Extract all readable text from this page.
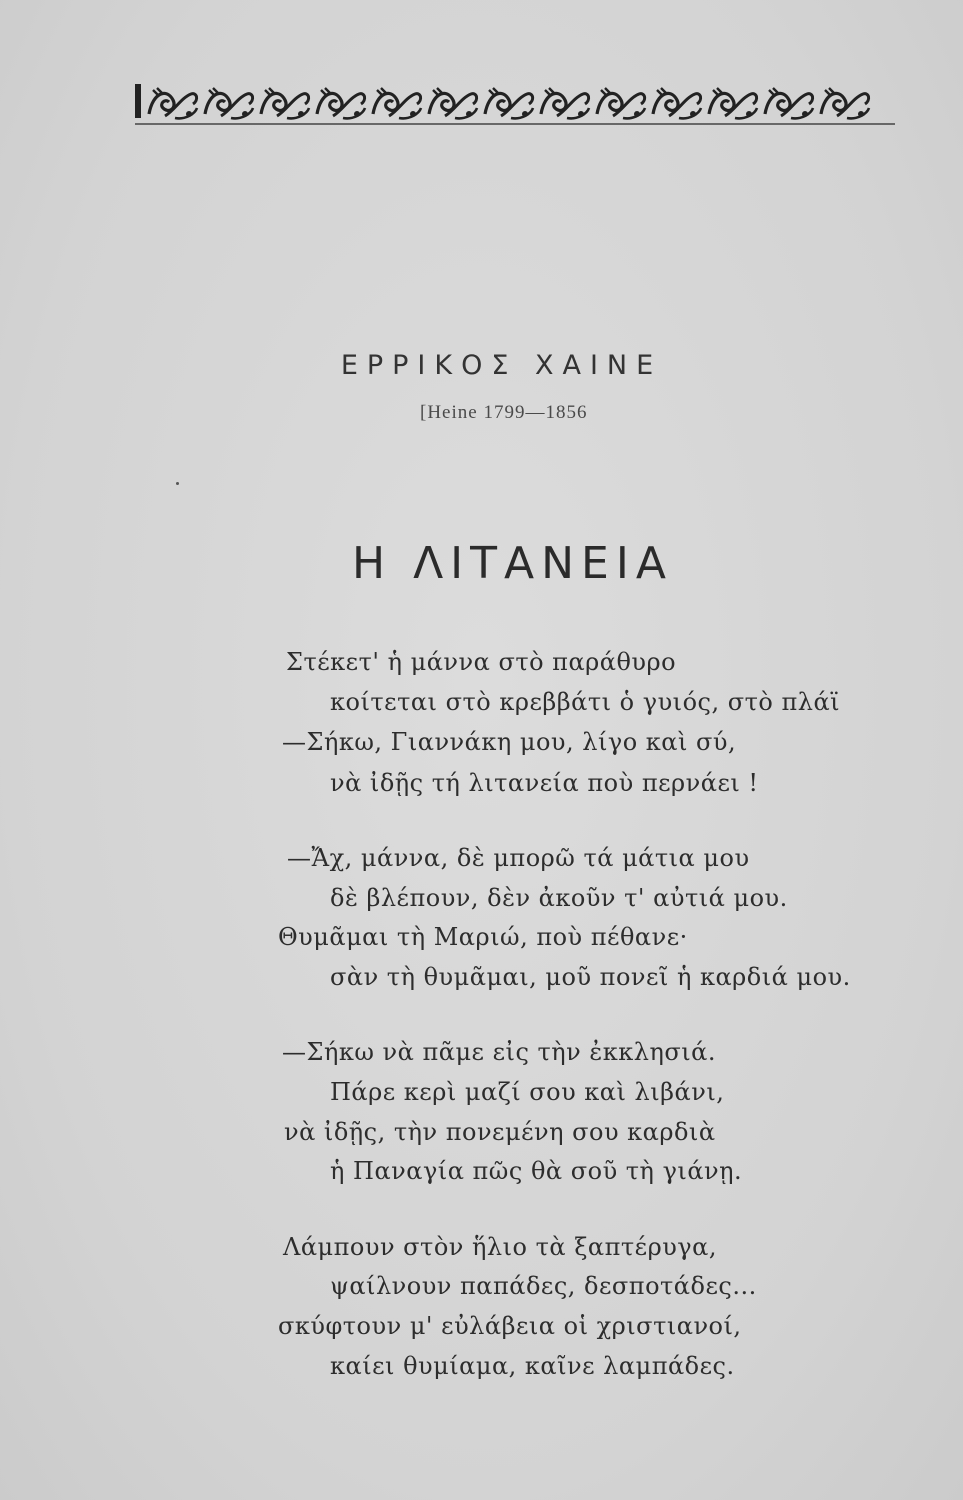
ΕΡΡΙΚΟΣ ΧΑΙΝΕ
[Heine 1799—1856
Η ΛΙΤΑΝΕΙΑ
Στέκετ' ἡ μάννα στὸ παράθυρο
κοίτεται στὸ κρεββάτι ὁ γυιός, στὸ πλάϊ
—Σήκω, Γιαννάκη μου, λίγο καὶ σύ,
νὰ ἰδῇς τή λιτανεία ποὺ περνάει !
—Ἄχ, μάννα, δὲ μπορῶ τά μάτια μου
δὲ βλέπουν, δὲν ἀκοῦν τ' αὐτιά μου.
Θυμᾶμαι τὴ Μαριώ, ποὺ πέθανε·
σὰν τὴ θυμᾶμαι, μοῦ πονεῖ ἡ καρδιά μου.
—Σήκω νὰ πᾶμε εἰς τὴν ἐκκλησιά.
Πάρε κερὶ μαζί σου καὶ λιβάνι,
νὰ ἰδῇς, τὴν πονεμένη σου καρδιὰ
ἡ Παναγία πῶς θὰ σοῦ τὴ γιάνῃ.
Λάμπουν στὸν ἥλιο τὰ ξαπτέρυγα,
ψαίλνουν παπάδες, δεσποτάδες...
σκύφτουν μ' εὐλάβεια οἱ χριστιανοί,
καίει θυμίαμα, καῖνε λαμπάδες.
